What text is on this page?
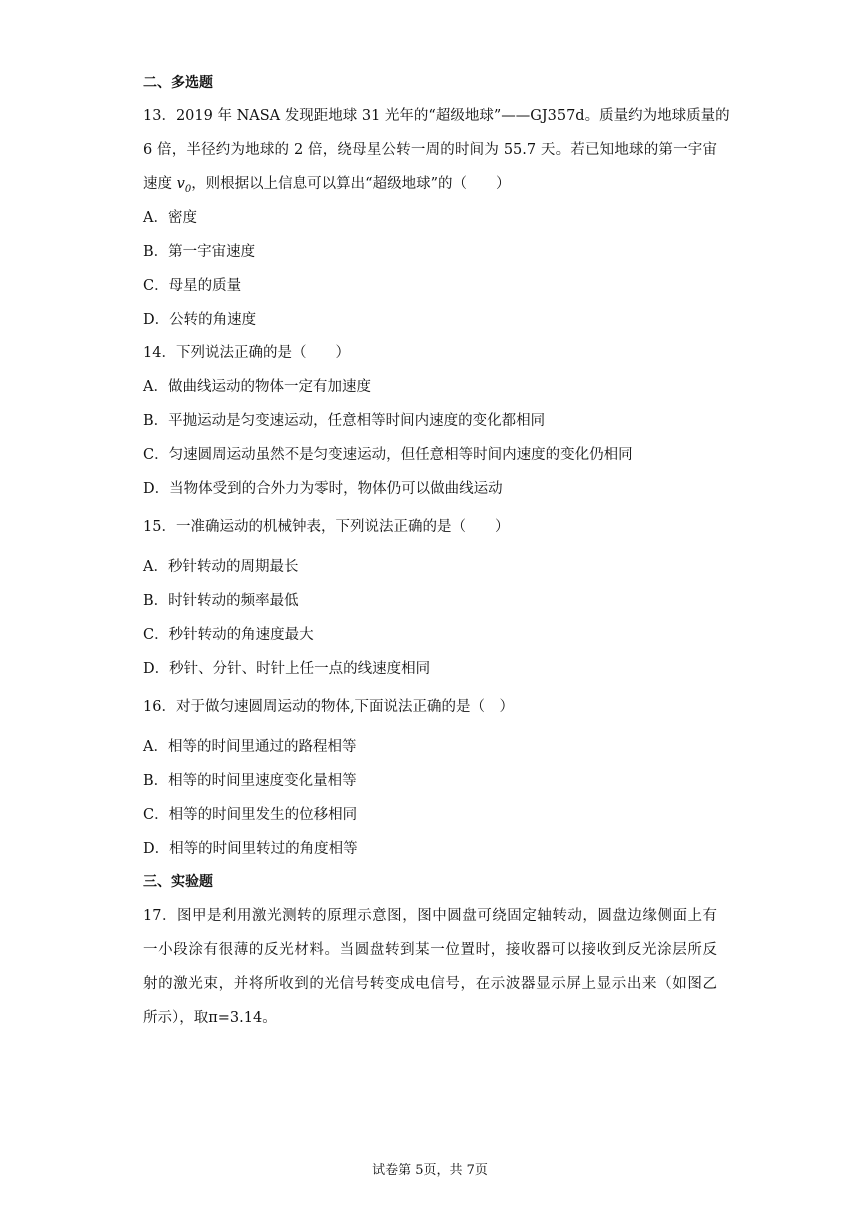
二、多选题
13．2019 年 NASA 发现距地球 31 光年的“超级地球”——GJ357d。质量约为地球质量的
6 倍，半径约为地球的 2 倍，绕母星公转一周的时间为 55.7 天。若已知地球的第一宇宙
速度 $v_0$，则根据以上信息可以算出“超级地球”的（　　）
A．密度
B．第一宇宙速度
C．母星的质量
D．公转的角速度
14．下列说法正确的是（　　）
A．做曲线运动的物体一定有加速度
B．平抛运动是匀变速运动，任意相等时间内速度的变化都相同
C．匀速圆周运动虽然不是匀变速运动，但任意相等时间内速度的变化仍相同
D．当物体受到的合外力为零时，物体仍可以做曲线运动
15．一准确运动的机械钟表，下列说法正确的是（　　）
A．秒针转动的周期最长
B．时针转动的频率最低
C．秒针转动的角速度最大
D．秒针、分针、时针上任一点的线速度相同
16．对于做匀速圆周运动的物体,下面说法正确的是（　）
A．相等的时间里通过的路程相等
B．相等的时间里速度变化量相等
C．相等的时间里发生的位移相同
D．相等的时间里转过的角度相等
三、实验题
17．图甲是利用激光测转的原理示意图，图中圆盘可绕固定轴转动，圆盘边缘侧面上有
一小段涂有很薄的反光材料。当圆盘转到某一位置时，接收器可以接收到反光涂层所反
射的激光束，并将所收到的光信号转变成电信号，在示波器显示屏上显示出来（如图乙
所示），取π=3.14。
试卷第 5页，共 7页
